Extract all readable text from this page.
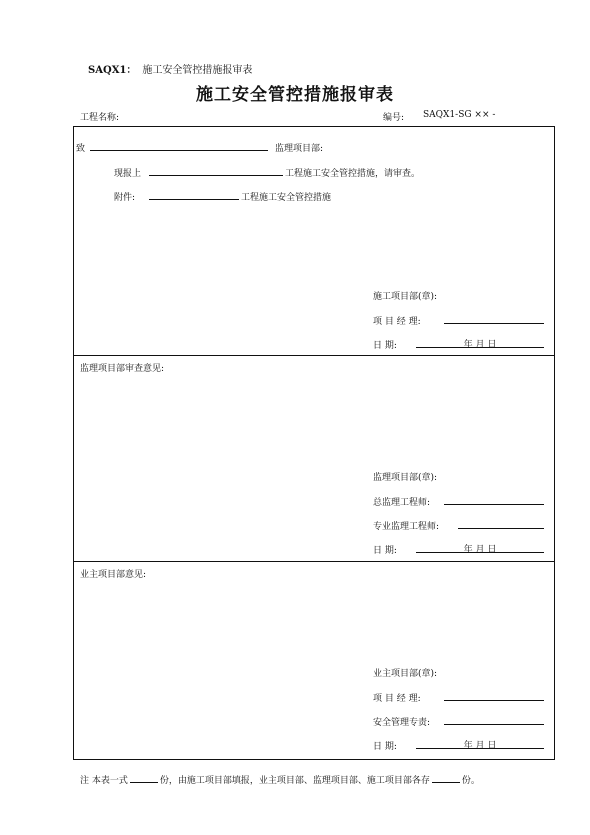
SAQX1： 施工安全管控措施报审表
施工安全管控措施报审表
工程名称:	编号: SAQX1-SG ×× -
致	监理项目部:
现报上	工程施工安全管控措施，请审查。
附件:	工程施工安全管控措施
施工项目部(章):
项 目 经 理:
日 期:	年 月 日
监理项目部审查意见:
监理项目部(章):
总监理工程师:
专业监理工程师:
日 期:	年 月 日
业主项目部意见:
业主项目部(章):
项 目 经 理:
安全管理专责:
日 期:	年 月 日
注 本表一式	份，由施工项目部填报，业主项目部、监理项目部、施工项目部各存	份。
